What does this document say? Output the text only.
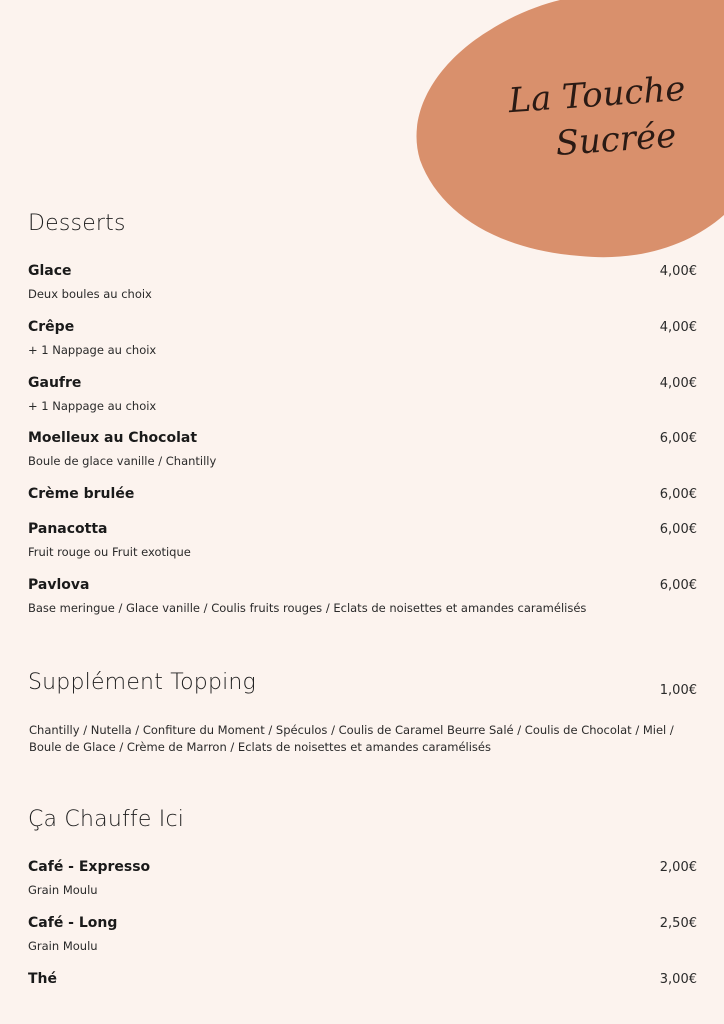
La Touche
Sucrée
Desserts
Glace	4,00€
Deux boules au choix
Crêpe	4,00€
+ 1 Nappage au choix
Gaufre	4,00€
+ 1 Nappage au choix
Moelleux au Chocolat	6,00€
Boule de glace vanille / Chantilly
Crème brulée	6,00€
Panacotta	6,00€
Fruit rouge ou Fruit exotique
Pavlova	6,00€
Base meringue / Glace vanille / Coulis fruits rouges / Eclats de noisettes et amandes caramélisés
Supplément Topping	1,00€
Chantilly / Nutella / Confiture du Moment / Spéculos / Coulis de Caramel Beurre Salé / Coulis de Chocolat / Miel / Boule de Glace / Crème de Marron / Eclats de noisettes et amandes caramélisés
Ça Chauffe Ici
Café - Expresso	2,00€
Grain Moulu
Café - Long	2,50€
Grain Moulu
Thé	3,00€
